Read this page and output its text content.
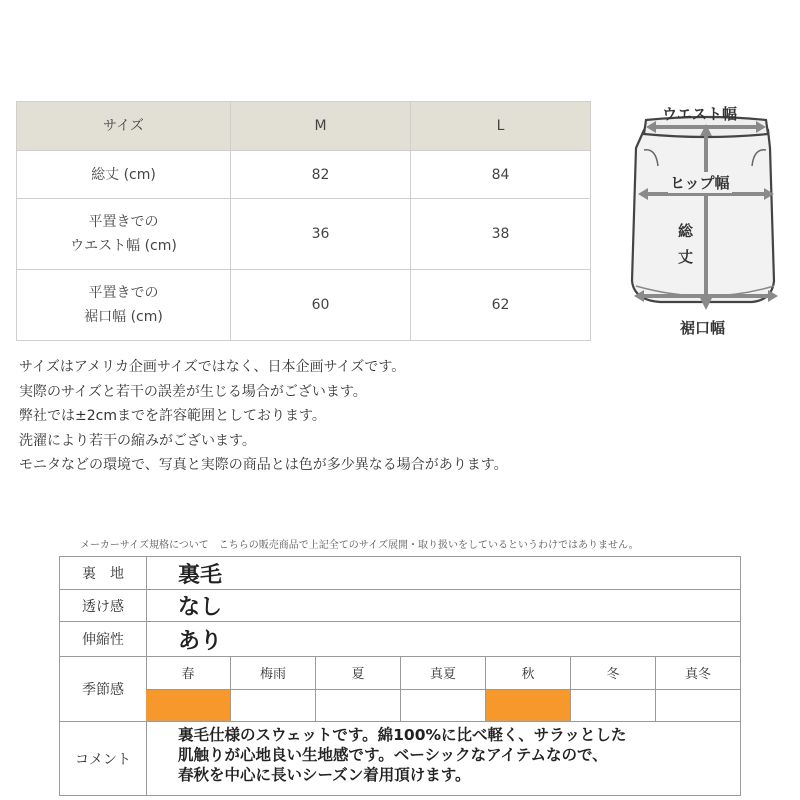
サイズ	M	L

総丈 (cm)	82	84

平置きでの
ウエスト幅 (cm)	36	38

平置きでの
裾口幅 (cm)	60	62
ウエスト幅
ヒップ幅
総
丈
裾口幅
サイズはアメリカ企画サイズではなく、日本企画サイズです。
実際のサイズと若干の誤差が生じる場合がございます。
弊社では±2cmまでを許容範囲としております。
洗濯により若干の縮みがございます。
モニタなどの環境で、写真と実際の商品とは色が多少異なる場合があります。
メーカーサイズ規格について　こちらの販売商品で上記全てのサイズ展開・取り扱いをしているというわけではありません。
裏　地	裏毛
透け感	なし
伸縮性	あり
季節感
春	梅雨	夏	真夏	秋	冬	真冬
コメント
裏毛仕様のスウェットです。綿100%に比べ軽く、サラッとした
肌触りが心地良い生地感です。ベーシックなアイテムなので、
春秋を中心に長いシーズン着用頂けます。
